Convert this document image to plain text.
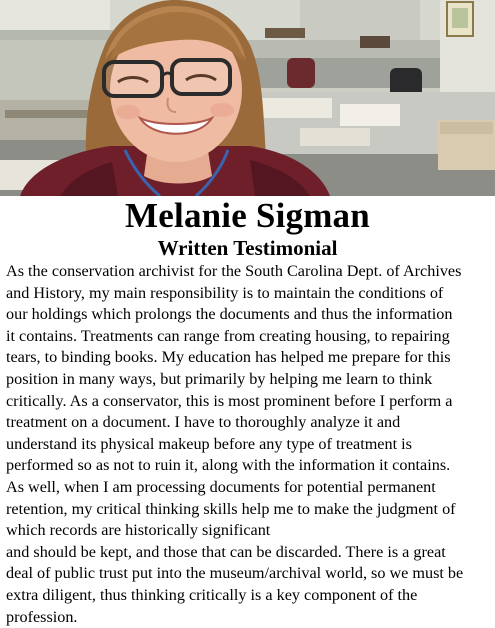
Melanie Sigman
Written Testimonial
As the conservation archivist for the South Carolina Dept. of Archives
and History, my main responsibility is to maintain the conditions of
our holdings which prolongs the documents and thus the information
it contains. Treatments can range from creating housing, to repairing
tears, to binding books. My education has helped me prepare for this
position in many ways, but primarily by helping me learn to think
critically. As a conservator, this is most prominent before I perform a
treatment on a document. I have to thoroughly analyze it and
understand its physical makeup before any type of treatment is
performed so as not to ruin it, along with the information it contains.
As well, when I am processing documents for potential permanent
retention, my critical thinking skills help me to make the judgment of
which records are historically significant
and should be kept, and those that can be discarded. There is a great
deal of public trust put into the museum/archival world, so we must be
extra diligent, thus thinking critically is a key component of the
profession.
